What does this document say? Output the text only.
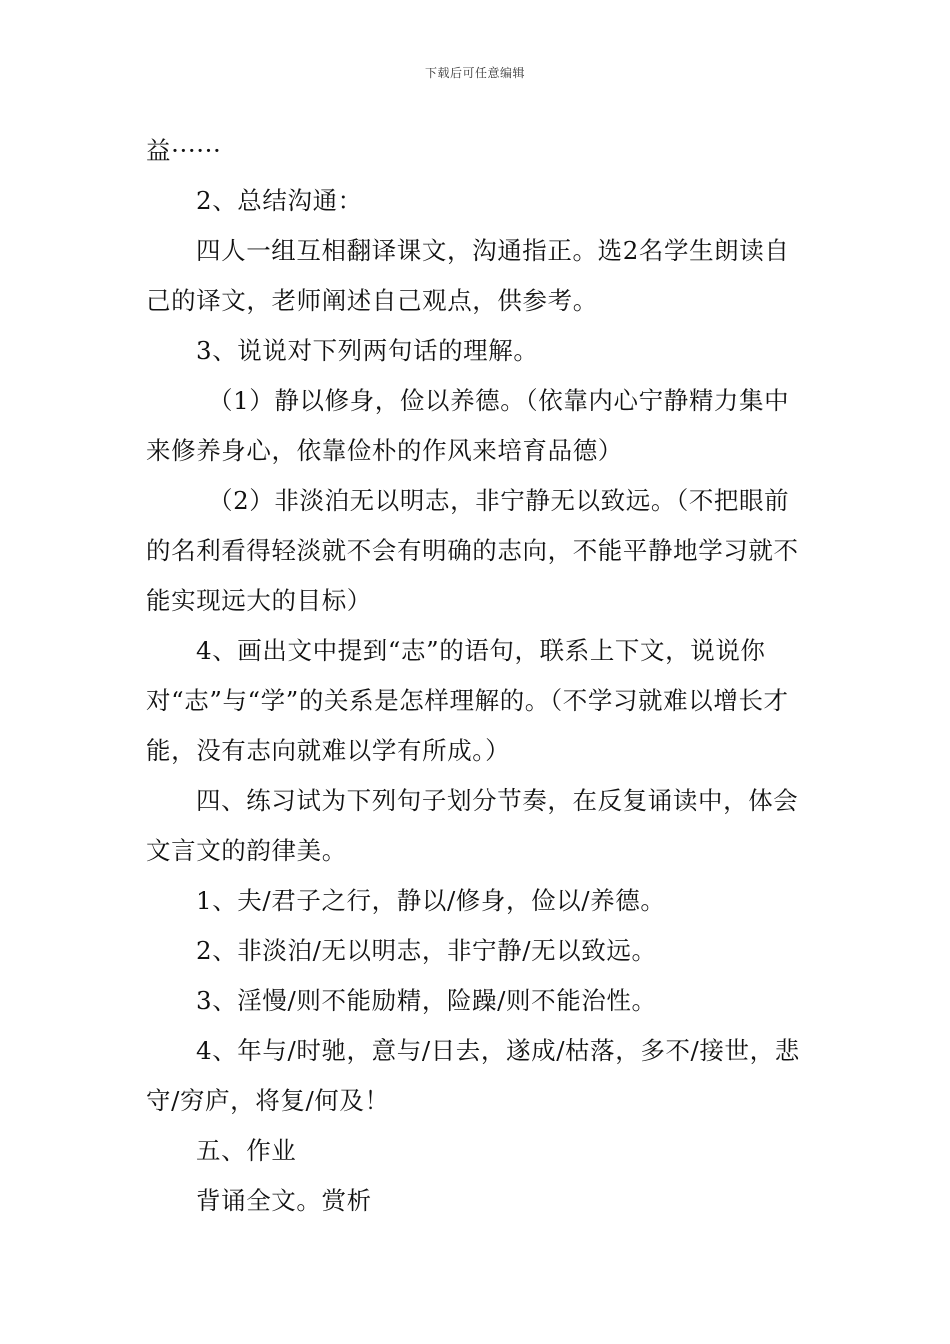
下载后可任意编辑

益······

2、总结沟通：

四人一组互相翻译课文，沟通指正。选2名学生朗读自己的译文，老师阐述自己观点，供参考。

3、说说对下列两句话的理解。

（1）静以修身，俭以养德。（依靠内心宁静精力集中来修养身心，依靠俭朴的作风来培育品德）

（2）非淡泊无以明志，非宁静无以致远。（不把眼前的名利看得轻淡就不会有明确的志向，不能平静地学习就不能实现远大的目标）

4、画出文中提到“志”的语句，联系上下文，说说你对“志”与“学”的关系是怎样理解的。（不学习就难以增长才能，没有志向就难以学有所成。）

四、练习试为下列句子划分节奏，在反复诵读中，体会文言文的韵律美。

1、夫/君子之行，静以/修身，俭以/养德。

2、非淡泊/无以明志，非宁静/无以致远。

3、淫慢/则不能励精，险躁/则不能治性。

4、年与/时驰，意与/日去，遂成/枯落，多不/接世，悲守/穷庐，将复/何及！

五、作业

背诵全文。赏析
